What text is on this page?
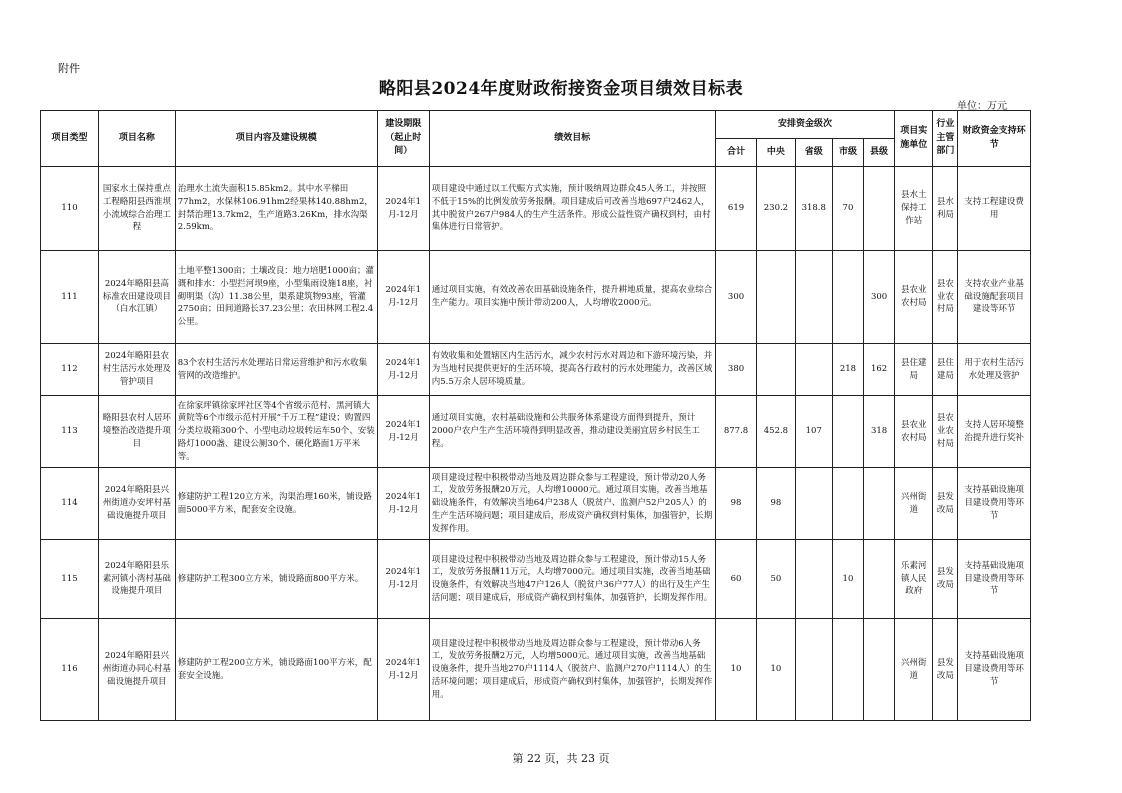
附件
略阳县2024年度财政衔接资金项目绩效目标表
单位：万元
项目类型	项目名称	项目内容及建设规模	建设期限（起止时间）	绩效目标	安排资金级次					项目实施单位	行业主管部门	财政资金支持环节
					合计	中央	省级	市级	县级			
110	国家水土保持重点工程略阳县西淮坝小流域综合治理工程	治理水土流失面积15.85km2。其中水平梯田77hm2，水保林106.91hm2经果林140.88hm2，封禁治理13.7km2，生产道路3.26Km，排水沟渠2.59km。	2024年1月-12月	项目建设中通过以工代赈方式实施，预计吸纳周边群众45人务工，并按照不低于15%的比例发放劳务报酬。项目建成后可改善当地697户2462人，其中脱贫户267户984人的生产生活条件。形成公益性资产确权到村，由村集体进行日常管护。	619	230.2	318.8	70		县水土保持工作站	县水利局	支持工程建设费用
111	2024年略阳县高标准农田建设项目（白水江镇）	土地平整1300亩；土壤改良：地力培肥1000亩；灌溉和排水：小型拦河坝9座，小型集雨设施18座，衬砌明渠（沟）11.38公里，渠系建筑物93座，管灌2750亩；田间道路长37.23公里；农田林网工程2.4公里。	2024年1月-12月	通过项目实施，有效改善农田基础设施条件，提升耕地质量，提高农业综合生产能力。项目实施中预计带动200人，人均增收2000元。	300				300	县农业农村局	县农业农村局	支持农业产业基础设施配套项目建设等环节
112	2024年略阳县农村生活污水处理及管护项目	83个农村生活污水处理站日常运营维护和污水收集管网的改造维护。	2024年1月-12月	有效收集和处置辖区内生活污水，减少农村污水对周边和下游环境污染，并为当地村民提供更好的生活环境，提高各行政村的污水处理能力，改善区域内5.5万余人居环境质量。	380			218	162	县住建局	县住建局	用于农村生活污水处理及管护
113	略阳县农村人居环境整治改造提升项目	在徐家坪镇徐家坪社区等4个省级示范村、黑河镇大黄院等6个市级示范村开展“千万工程”建设；购置四分类垃圾箱300个、小型电动垃圾转运车50个、安装路灯1000盏、建设公厕30个、硬化路面1万平米等。	2024年1月-12月	通过项目实施，农村基础设施和公共服务体系建设方面得到提升，预计2000户农户生产生活环境得到明显改善，推动建设美丽宜居乡村民生工程。	877.8	452.8	107		318	县农业农村局	县农业农村局	支持人居环境整治提升进行奖补
114	2024年略阳县兴州街道办安坪村基础设施提升项目	修建防护工程120立方米，沟渠治理160米，铺设路面5000平方米，配套安全设施。	2024年1月-12月	项目建设过程中积极带动当地及周边群众参与工程建设，预计带动20人务工，发放劳务报酬20万元，人均增10000元。通过项目实施，改善当地基础设施条件，有效解决当地64户238人（脱贫户、监测户52户205人）的生产生活环境问题；项目建成后，形成资产确权到村集体，加强管护，长期发挥作用。	98	98				兴州街道	县发改局	支持基础设施项目建设费用等环节
115	2024年略阳县乐素河镇小湾村基础设施提升项目	修建防护工程300立方米，铺设路面800平方米。	2024年1月-12月	项目建设过程中积极带动当地及周边群众参与工程建设，预计带动15人务工，发放劳务报酬11万元，人均增7000元。通过项目实施，改善当地基础设施条件，有效解决当地47户126人（脱贫户36户77人）的出行及生产生活问题；项目建成后，形成资产确权到村集体，加强管护，长期发挥作用。	60	50		10		乐素河镇人民政府	县发改局	支持基础设施项目建设费用等环节
116	2024年略阳县兴州街道办同心村基础设施提升项目	修建防护工程200立方米，铺设路面100平方米，配套安全设施。	2024年1月-12月	项目建设过程中积极带动当地及周边群众参与工程建设，预计带动6人务工，发放劳务报酬2万元，人均增5000元。通过项目实施，改善当地基础设施条件，提升当地270户1114人（脱贫户、监测户270户1114人）的生活环境问题；项目建成后，形成资产确权到村集体，加强管护，长期发挥作用。	10	10				兴州街道	县发改局	支持基础设施项目建设费用等环节
第 22 页，共 23 页
